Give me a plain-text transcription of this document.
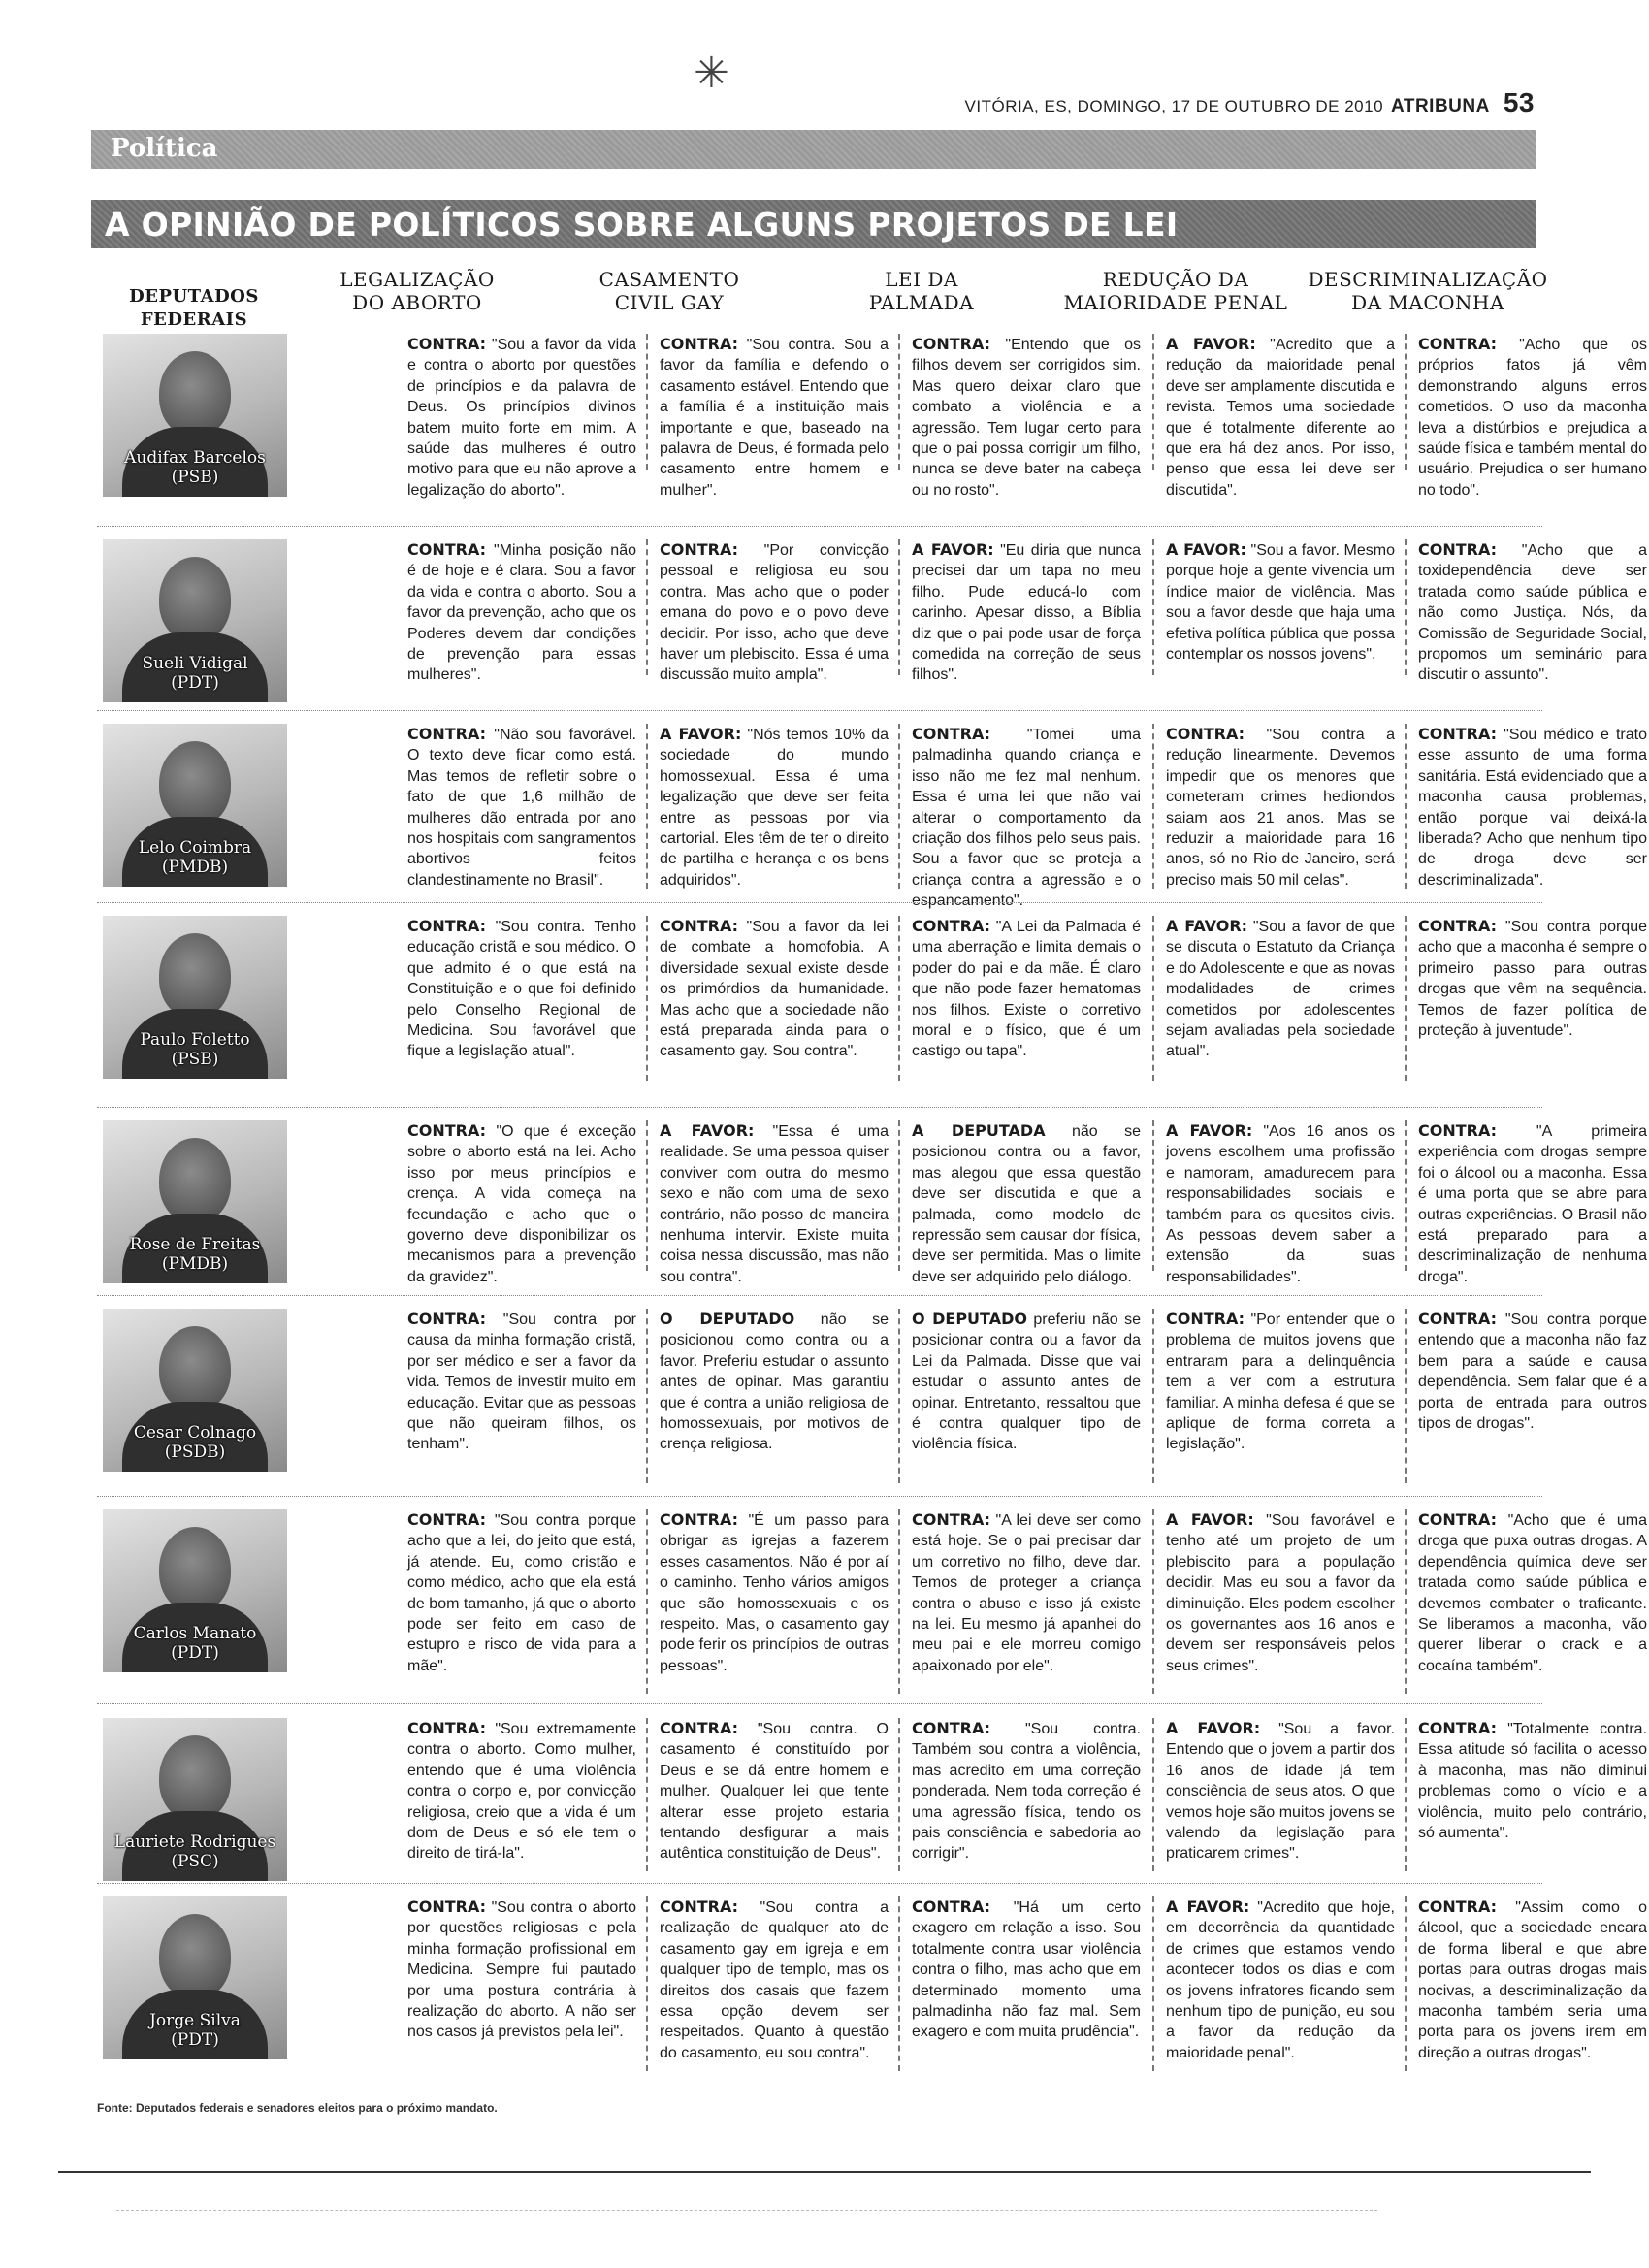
✳
VITÓRIA, ES, DOMINGO, 17 DE OUTUBRO DE 2010 ATRIBUNA 53
Política
A OPINIÃO DE POLÍTICOS SOBRE ALGUNS PROJETOS DE LEI
DEPUTADOS
FEDERAIS
LEGALIZAÇÃO
DO ABORTO
CASAMENTO
CIVIL GAY
LEI DA
PALMADA
REDUÇÃO DA
MAIORIDADE PENAL
DESCRIMINALIZAÇÃO
DA MACONHA
Audifax Barcelos
(PSB)
CONTRA: "Sou a favor da vida e contra o aborto por questões de princípios e da palavra de Deus. Os princípios divinos batem muito forte em mim. A saúde das mulheres é outro motivo para que eu não aprove a legalização do aborto".
CONTRA: "Sou contra. Sou a favor da família e defendo o casamento estável. Entendo que a família é a instituição mais importante e que, baseado na palavra de Deus, é formada pelo casamento entre homem e mulher".
CONTRA: "Entendo que os filhos devem ser corrigidos sim. Mas quero deixar claro que combato a violência e a agressão. Tem lugar certo para que o pai possa corrigir um filho, nunca se deve bater na cabeça ou no rosto".
A FAVOR: "Acredito que a redução da maioridade penal deve ser amplamente discutida e revista. Temos uma sociedade que é totalmente diferente ao que era há dez anos. Por isso, penso que essa lei deve ser discutida".
CONTRA: "Acho que os próprios fatos já vêm demonstrando alguns erros cometidos. O uso da maconha leva a distúrbios e prejudica a saúde física e também mental do usuário. Prejudica o ser humano no todo".
Sueli Vidigal
(PDT)
CONTRA: "Minha posição não é de hoje e é clara. Sou a favor da vida e contra o aborto. Sou a favor da prevenção, acho que os Poderes devem dar condições de prevenção para essas mulheres".
CONTRA: "Por convicção pessoal e religiosa eu sou contra. Mas acho que o poder emana do povo e o povo deve decidir. Por isso, acho que deve haver um plebiscito. Essa é uma discussão muito ampla".
A FAVOR: "Eu diria que nunca precisei dar um tapa no meu filho. Pude educá-lo com carinho. Apesar disso, a Bíblia diz que o pai pode usar de força comedida na correção de seus filhos".
A FAVOR: "Sou a favor. Mesmo porque hoje a gente vivencia um índice maior de violência. Mas sou a favor desde que haja uma efetiva política pública que possa contemplar os nossos jovens".
CONTRA: "Acho que a toxidependência deve ser tratada como saúde pública e não como Justiça. Nós, da Comissão de Seguridade Social, propomos um seminário para discutir o assunto".
Lelo Coimbra
(PMDB)
CONTRA: "Não sou favorável. O texto deve ficar como está. Mas temos de refletir sobre o fato de que 1,6 milhão de mulheres dão entrada por ano nos hospitais com sangramentos abortivos feitos clandestinamente no Brasil".
A FAVOR: "Nós temos 10% da sociedade do mundo homossexual. Essa é uma legalização que deve ser feita entre as pessoas por via cartorial. Eles têm de ter o direito de partilha e herança e os bens adquiridos".
CONTRA: "Tomei uma palmadinha quando criança e isso não me fez mal nenhum. Essa é uma lei que não vai alterar o comportamento da criação dos filhos pelo seus pais. Sou a favor que se proteja a criança contra a agressão e o espancamento".
CONTRA: "Sou contra a redução linearmente. Devemos impedir que os menores que cometeram crimes hediondos saiam aos 21 anos. Mas se reduzir a maioridade para 16 anos, só no Rio de Janeiro, será preciso mais 50 mil celas".
CONTRA: "Sou médico e trato esse assunto de uma forma sanitária. Está evidenciado que a maconha causa problemas, então porque vai deixá-la liberada? Acho que nenhum tipo de droga deve ser descriminalizada".
Paulo Foletto
(PSB)
CONTRA: "Sou contra. Tenho educação cristã e sou médico. O que admito é o que está na Constituição e o que foi definido pelo Conselho Regional de Medicina. Sou favorável que fique a legislação atual".
CONTRA: "Sou a favor da lei de combate a homofobia. A diversidade sexual existe desde os primórdios da humanidade. Mas acho que a sociedade não está preparada ainda para o casamento gay. Sou contra".
CONTRA: "A Lei da Palmada é uma aberração e limita demais o poder do pai e da mãe. É claro que não pode fazer hematomas nos filhos. Existe o corretivo moral e o físico, que é um castigo ou tapa".
A FAVOR: "Sou a favor de que se discuta o Estatuto da Criança e do Adolescente e que as novas modalidades de crimes cometidos por adolescentes sejam avaliadas pela sociedade atual".
CONTRA: "Sou contra porque acho que a maconha é sempre o primeiro passo para outras drogas que vêm na sequência. Temos de fazer política de proteção à juventude".
Rose de Freitas
(PMDB)
CONTRA: "O que é exceção sobre o aborto está na lei. Acho isso por meus princípios e crença. A vida começa na fecundação e acho que o governo deve disponibilizar os mecanismos para a prevenção da gravidez".
A FAVOR: "Essa é uma realidade. Se uma pessoa quiser conviver com outra do mesmo sexo e não com uma de sexo contrário, não posso de maneira nenhuma intervir. Existe muita coisa nessa discussão, mas não sou contra".
A DEPUTADA não se posicionou contra ou a favor, mas alegou que essa questão deve ser discutida e que a palmada, como modelo de repressão sem causar dor física, deve ser permitida. Mas o limite deve ser adquirido pelo diálogo.
A FAVOR: "Aos 16 anos os jovens escolhem uma profissão e namoram, amadurecem para responsabilidades sociais e também para os quesitos civis. As pessoas devem saber a extensão da suas responsabilidades".
CONTRA: "A primeira experiência com drogas sempre foi o álcool ou a maconha. Essa é uma porta que se abre para outras experiências. O Brasil não está preparado para a descriminalização de nenhuma droga".
Cesar Colnago
(PSDB)
CONTRA: "Sou contra por causa da minha formação cristã, por ser médico e ser a favor da vida. Temos de investir muito em educação. Evitar que as pessoas que não queiram filhos, os tenham".
O DEPUTADO não se posicionou como contra ou a favor. Preferiu estudar o assunto antes de opinar. Mas garantiu que é contra a união religiosa de homossexuais, por motivos de crença religiosa.
O DEPUTADO preferiu não se posicionar contra ou a favor da Lei da Palmada. Disse que vai estudar o assunto antes de opinar. Entretanto, ressaltou que é contra qualquer tipo de violência física.
CONTRA: "Por entender que o problema de muitos jovens que entraram para a delinquência tem a ver com a estrutura familiar. A minha defesa é que se aplique de forma correta a legislação".
CONTRA: "Sou contra porque entendo que a maconha não faz bem para a saúde e causa dependência. Sem falar que é a porta de entrada para outros tipos de drogas".
Carlos Manato
(PDT)
CONTRA: "Sou contra porque acho que a lei, do jeito que está, já atende. Eu, como cristão e como médico, acho que ela está de bom tamanho, já que o aborto pode ser feito em caso de estupro e risco de vida para a mãe".
CONTRA: "É um passo para obrigar as igrejas a fazerem esses casamentos. Não é por aí o caminho. Tenho vários amigos que são homossexuais e os respeito. Mas, o casamento gay pode ferir os princípios de outras pessoas".
CONTRA: "A lei deve ser como está hoje. Se o pai precisar dar um corretivo no filho, deve dar. Temos de proteger a criança contra o abuso e isso já existe na lei. Eu mesmo já apanhei do meu pai e ele morreu comigo apaixonado por ele".
A FAVOR: "Sou favorável e tenho até um projeto de um plebiscito para a população decidir. Mas eu sou a favor da diminuição. Eles podem escolher os governantes aos 16 anos e devem ser responsáveis pelos seus crimes".
CONTRA: "Acho que é uma droga que puxa outras drogas. A dependência química deve ser tratada como saúde pública e devemos combater o traficante. Se liberamos a maconha, vão querer liberar o crack e a cocaína também".
Lauriete Rodrigues
(PSC)
CONTRA: "Sou extremamente contra o aborto. Como mulher, entendo que é uma violência contra o corpo e, por convicção religiosa, creio que a vida é um dom de Deus e só ele tem o direito de tirá-la".
CONTRA: "Sou contra. O casamento é constituído por Deus e se dá entre homem e mulher. Qualquer lei que tente alterar esse projeto estaria tentando desfigurar a mais autêntica constituição de Deus".
CONTRA: "Sou contra. Também sou contra a violência, mas acredito em uma correção ponderada. Nem toda correção é uma agressão física, tendo os pais consciência e sabedoria ao corrigir".
A FAVOR: "Sou a favor. Entendo que o jovem a partir dos 16 anos de idade já tem consciência de seus atos. O que vemos hoje são muitos jovens se valendo da legislação para praticarem crimes".
CONTRA: "Totalmente contra. Essa atitude só facilita o acesso à maconha, mas não diminui problemas como o vício e a violência, muito pelo contrário, só aumenta".
Jorge Silva
(PDT)
CONTRA: "Sou contra o aborto por questões religiosas e pela minha formação profissional em Medicina. Sempre fui pautado por uma postura contrária à realização do aborto. A não ser nos casos já previstos pela lei".
CONTRA: "Sou contra a realização de qualquer ato de casamento gay em igreja e em qualquer tipo de templo, mas os direitos dos casais que fazem essa opção devem ser respeitados. Quanto à questão do casamento, eu sou contra".
CONTRA: "Há um certo exagero em relação a isso. Sou totalmente contra usar violência contra o filho, mas acho que em determinado momento uma palmadinha não faz mal. Sem exagero e com muita prudência".
A FAVOR: "Acredito que hoje, em decorrência da quantidade de crimes que estamos vendo acontecer todos os dias e com os jovens infratores ficando sem nenhum tipo de punição, eu sou a favor da redução da maioridade penal".
CONTRA: "Assim como o álcool, que a sociedade encara de forma liberal e que abre portas para outras drogas mais nocivas, a descriminalização da maconha também seria uma porta para os jovens irem em direção a outras drogas".
Fonte: Deputados federais e senadores eleitos para o próximo mandato.
